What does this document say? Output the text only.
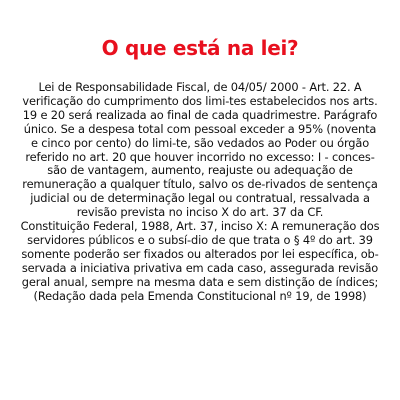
O que está na lei?

Lei de Responsabilidade Fiscal, de 04/05/ 2000 - Art. 22. A verificação do cumprimento dos limi-tes estabelecidos nos arts. 19 e 20 será realizada ao final de cada quadrimestre. Parágrafo único. Se a despesa total com pessoal exceder a 95% (noventa e cinco por cento) do limi-te, são vedados ao Poder ou órgão referido no art. 20 que houver incorrido no excesso: I - conces-são de vantagem, aumento, reajuste ou adequação de remuneração a qualquer título, salvo os de-rivados de sentença judicial ou de determinação legal ou contratual, ressalvada a revisão prevista no inciso X do art. 37 da CF.

Constituição Federal, 1988, Art. 37, inciso X: A remuneração dos servidores públicos e o subsí-dio de que trata o § 4º do art. 39 somente poderão ser fixados ou alterados por lei específica, ob-servada a iniciativa privativa em cada caso, assegurada revisão geral anual, sempre na mesma data e sem distinção de índices; (Redação dada pela Emenda Constitucional nº 19, de 1998)
